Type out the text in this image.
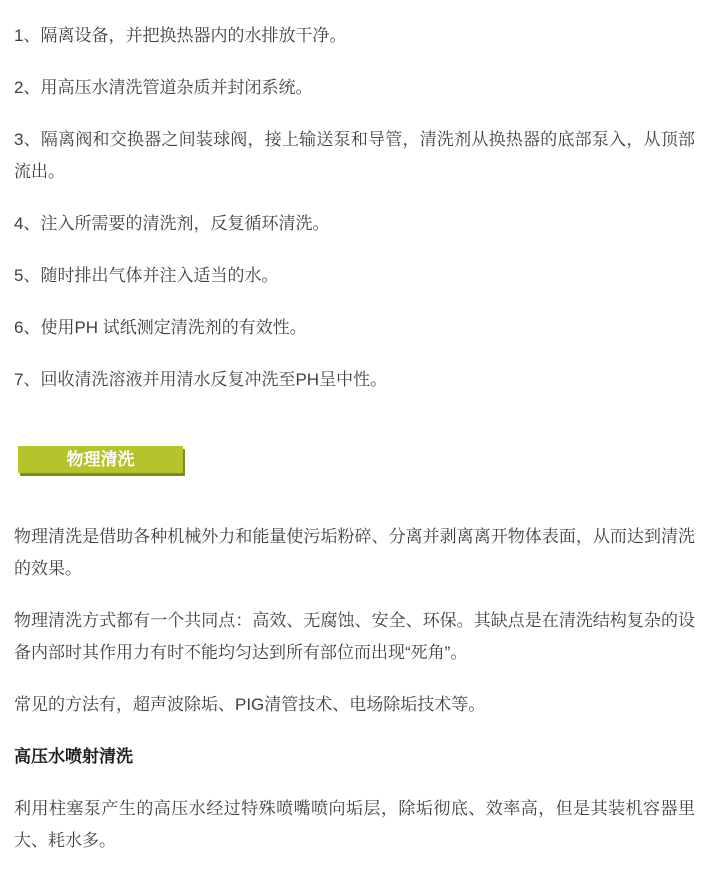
1、隔离设备，并把换热器内的水排放干净。

2、用高压水清洗管道杂质并封闭系统。

3、隔离阀和交换器之间装球阀，接上输送泵和导管，清洗剂从换热器的底部泵入，从顶部流出。

4、注入所需要的清洗剂，反复循环清洗。

5、随时排出气体并注入适当的水。

6、使用PH 试纸测定清洗剂的有效性。

7、回收清洗溶液并用清水反复冲洗至PH呈中性。

物理清洗

物理清洗是借助各种机械外力和能量使污垢粉碎、分离并剥离离开物体表面，从而达到清洗的效果。

物理清洗方式都有一个共同点：高效、无腐蚀、安全、环保。其缺点是在清洗结构复杂的设备内部时其作用力有时不能均匀达到所有部位而出现“死角”。

常见的方法有，超声波除垢、PIG清管技术、电场除垢技术等。

高压水喷射清洗

利用柱塞泵产生的高压水经过特殊喷嘴喷向垢层，除垢彻底、效率高，但是其装机容器里大、耗水多。
